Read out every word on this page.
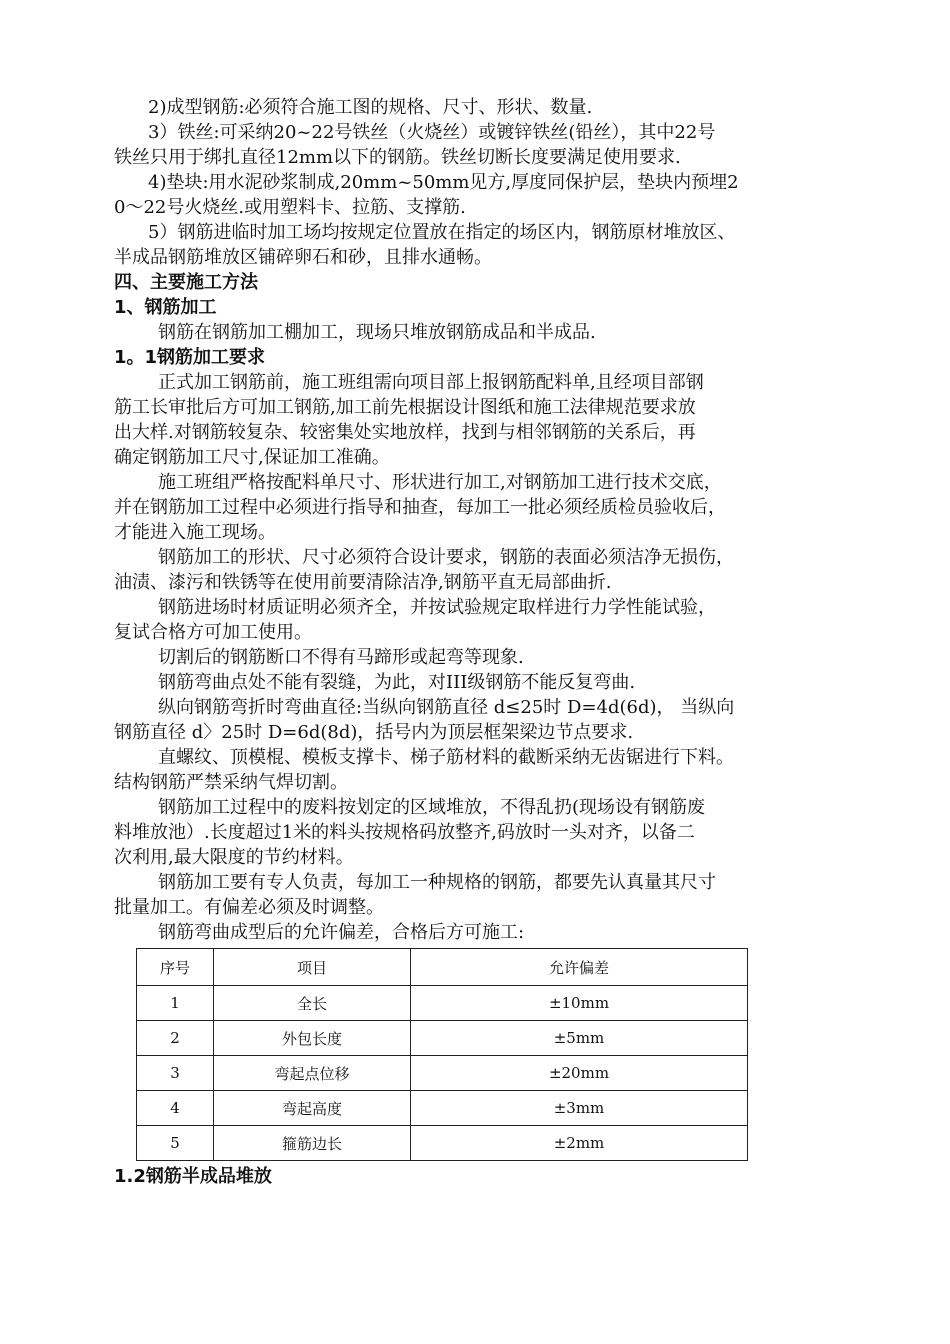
2)成型钢筋:必须符合施工图的规格、尺寸、形状、数量.
3）铁丝:可采纳20~22号铁丝（火烧丝）或镀锌铁丝(铅丝），其中22号
铁丝只用于绑扎直径12mm以下的钢筋。铁丝切断长度要满足使用要求.
4)垫块:用水泥砂浆制成,20mm~50mm见方,厚度同保护层，垫块内预埋2
0～22号火烧丝.或用塑料卡、拉筋、支撑筋.
5）钢筋进临时加工场均按规定位置放在指定的场区内，钢筋原材堆放区、
半成品钢筋堆放区铺碎卵石和砂，且排水通畅。
四、主要施工方法
1、钢筋加工
钢筋在钢筋加工棚加工，现场只堆放钢筋成品和半成品.
1。1钢筋加工要求
正式加工钢筋前，施工班组需向项目部上报钢筋配料单,且经项目部钢
筋工长审批后方可加工钢筋,加工前先根据设计图纸和施工法律规范要求放
出大样.对钢筋较复杂、较密集处实地放样，找到与相邻钢筋的关系后，再
确定钢筋加工尺寸,保证加工准确。
施工班组严格按配料单尺寸、形状进行加工,对钢筋加工进行技术交底，
并在钢筋加工过程中必须进行指导和抽查，每加工一批必须经质检员验收后，
才能进入施工现场。
钢筋加工的形状、尺寸必须符合设计要求，钢筋的表面必须洁净无损伤，
油渍、漆污和铁锈等在使用前要清除洁净,钢筋平直无局部曲折.
钢筋进场时材质证明必须齐全，并按试验规定取样进行力学性能试验，
复试合格方可加工使用。
切割后的钢筋断口不得有马蹄形或起弯等现象.
钢筋弯曲点处不能有裂缝，为此，对III级钢筋不能反复弯曲.
纵向钢筋弯折时弯曲直径:当纵向钢筋直径 d≤25时 D=4d(6d)， 当纵向
钢筋直径 d〉25时 D=6d(8d)，括号内为顶层框架梁边节点要求.
直螺纹、顶模棍、模板支撑卡、梯子筋材料的截断采纳无齿锯进行下料。
结构钢筋严禁采纳气焊切割。
钢筋加工过程中的废料按划定的区域堆放，不得乱扔(现场设有钢筋废
料堆放池）.长度超过1米的料头按规格码放整齐,码放时一头对齐，以备二
次利用,最大限度的节约材料。
钢筋加工要有专人负责，每加工一种规格的钢筋，都要先认真量其尺寸
批量加工。有偏差必须及时调整。
钢筋弯曲成型后的允许偏差，合格后方可施工:
序号	项目	允许偏差
1	全长	±10mm
2	外包长度	±5mm
3	弯起点位移	±20mm
4	弯起高度	±3mm
5	箍筋边长	±2mm
1.2钢筋半成品堆放
